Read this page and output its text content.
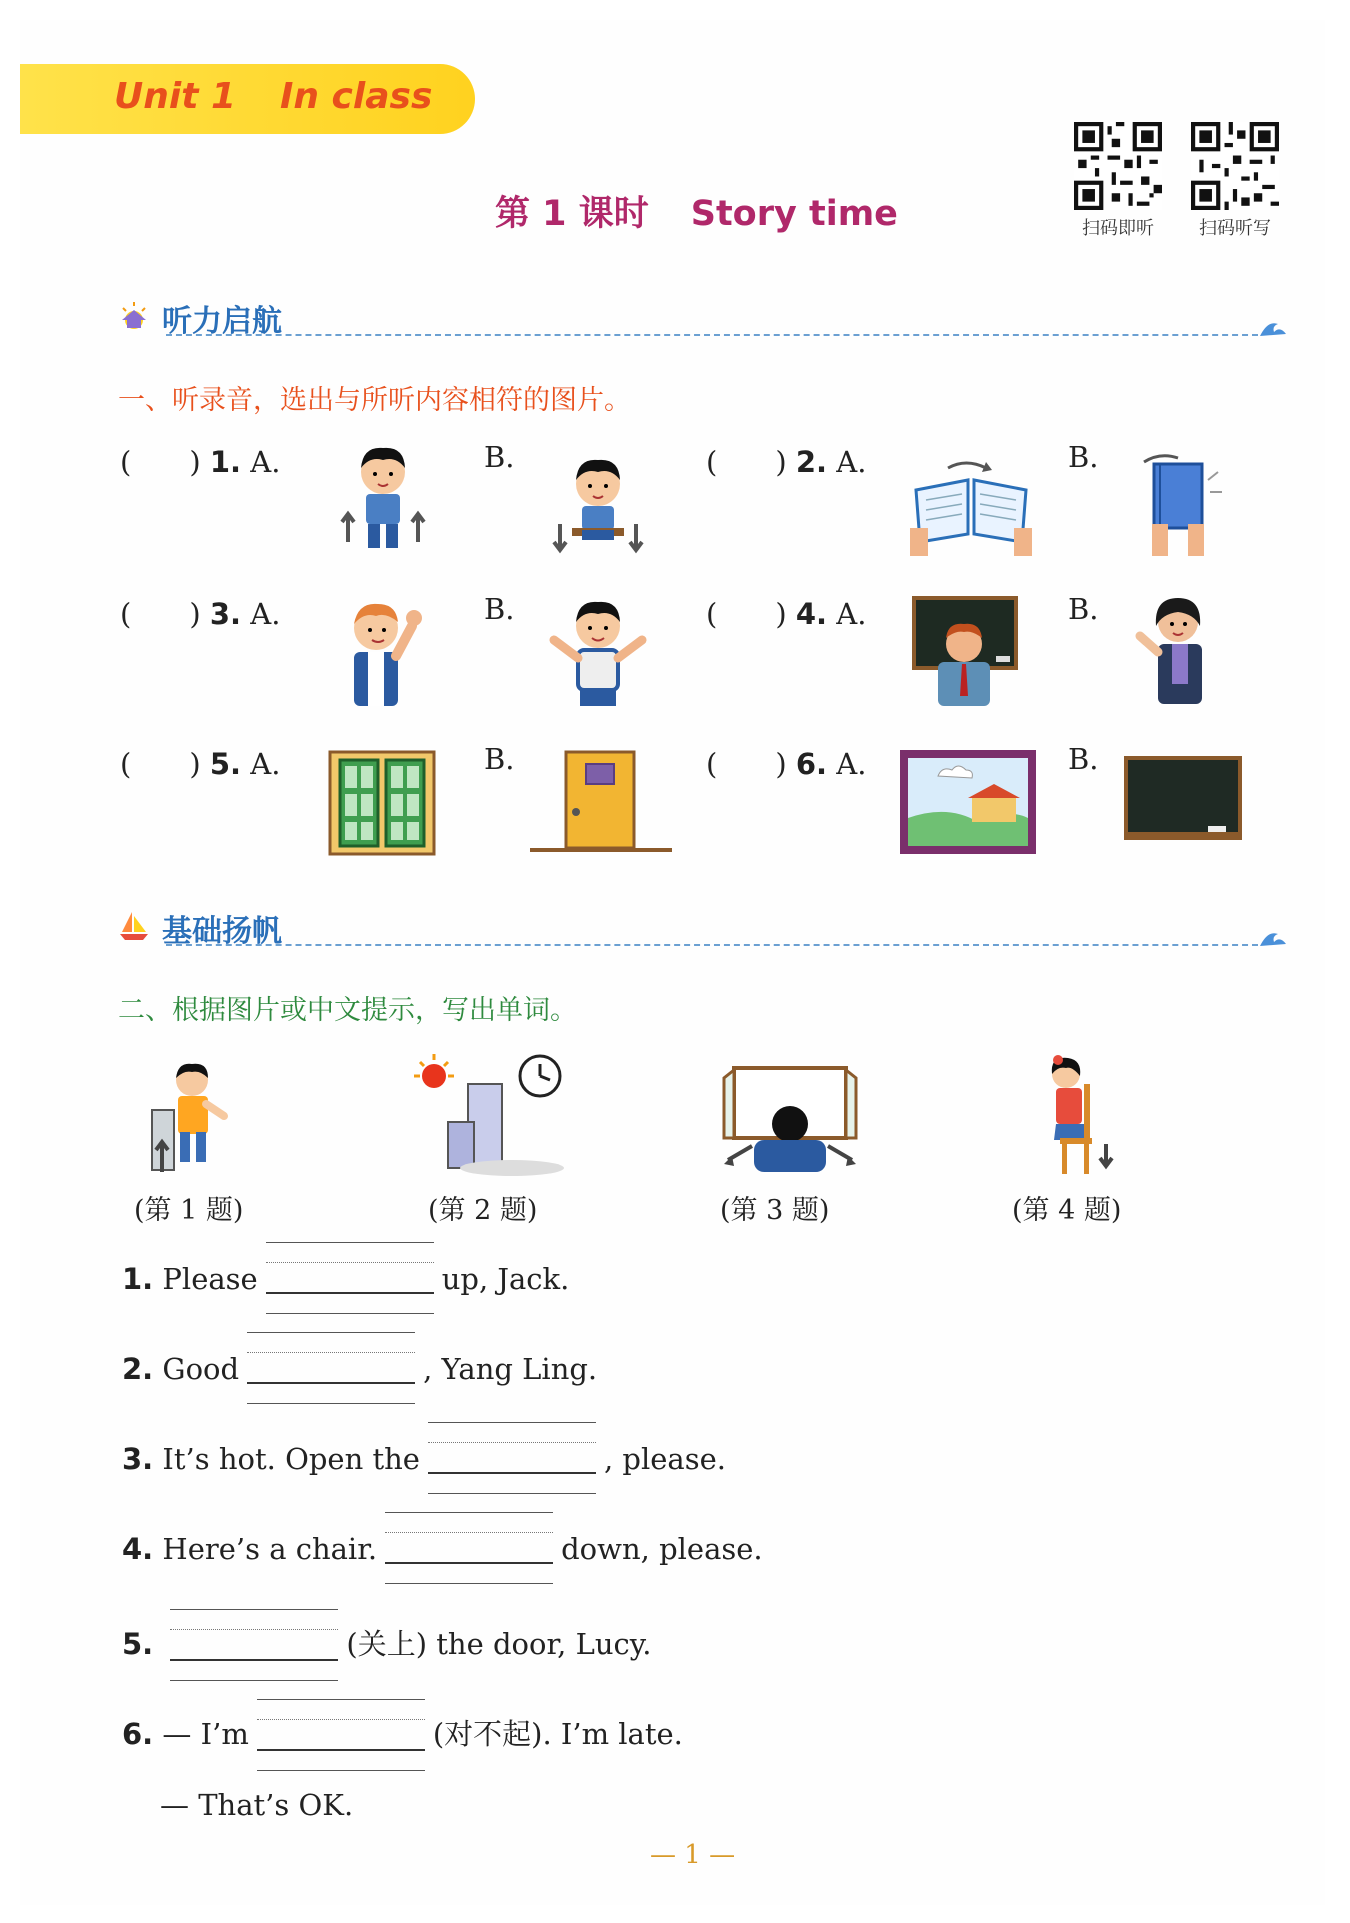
Unit 1 In class
第 1 课时 Story time	扫码即听	扫码听写
听力启航
一、听录音，选出与所听内容相符的图片。
(　　) 1. A.	B.	(　　) 2. A.	B.
(　　) 3. A.	B.	(　　) 4. A.	B.
(　　) 5. A.	B.	(　　) 6. A.	B.
基础扬帆
二、根据图片或中文提示，写出单词。
(第 1 题)	(第 2 题)	(第 3 题)	(第 4 题)
1. Please	up, Jack.
2. Good	, Yang Ling.
3. It’s hot. Open the	, please.
4. Here’s a chair.	down, please.
5.	(关上) the door, Lucy.
6. — I’m	(对不起). I’m late.
— That’s OK.
— 1 —
